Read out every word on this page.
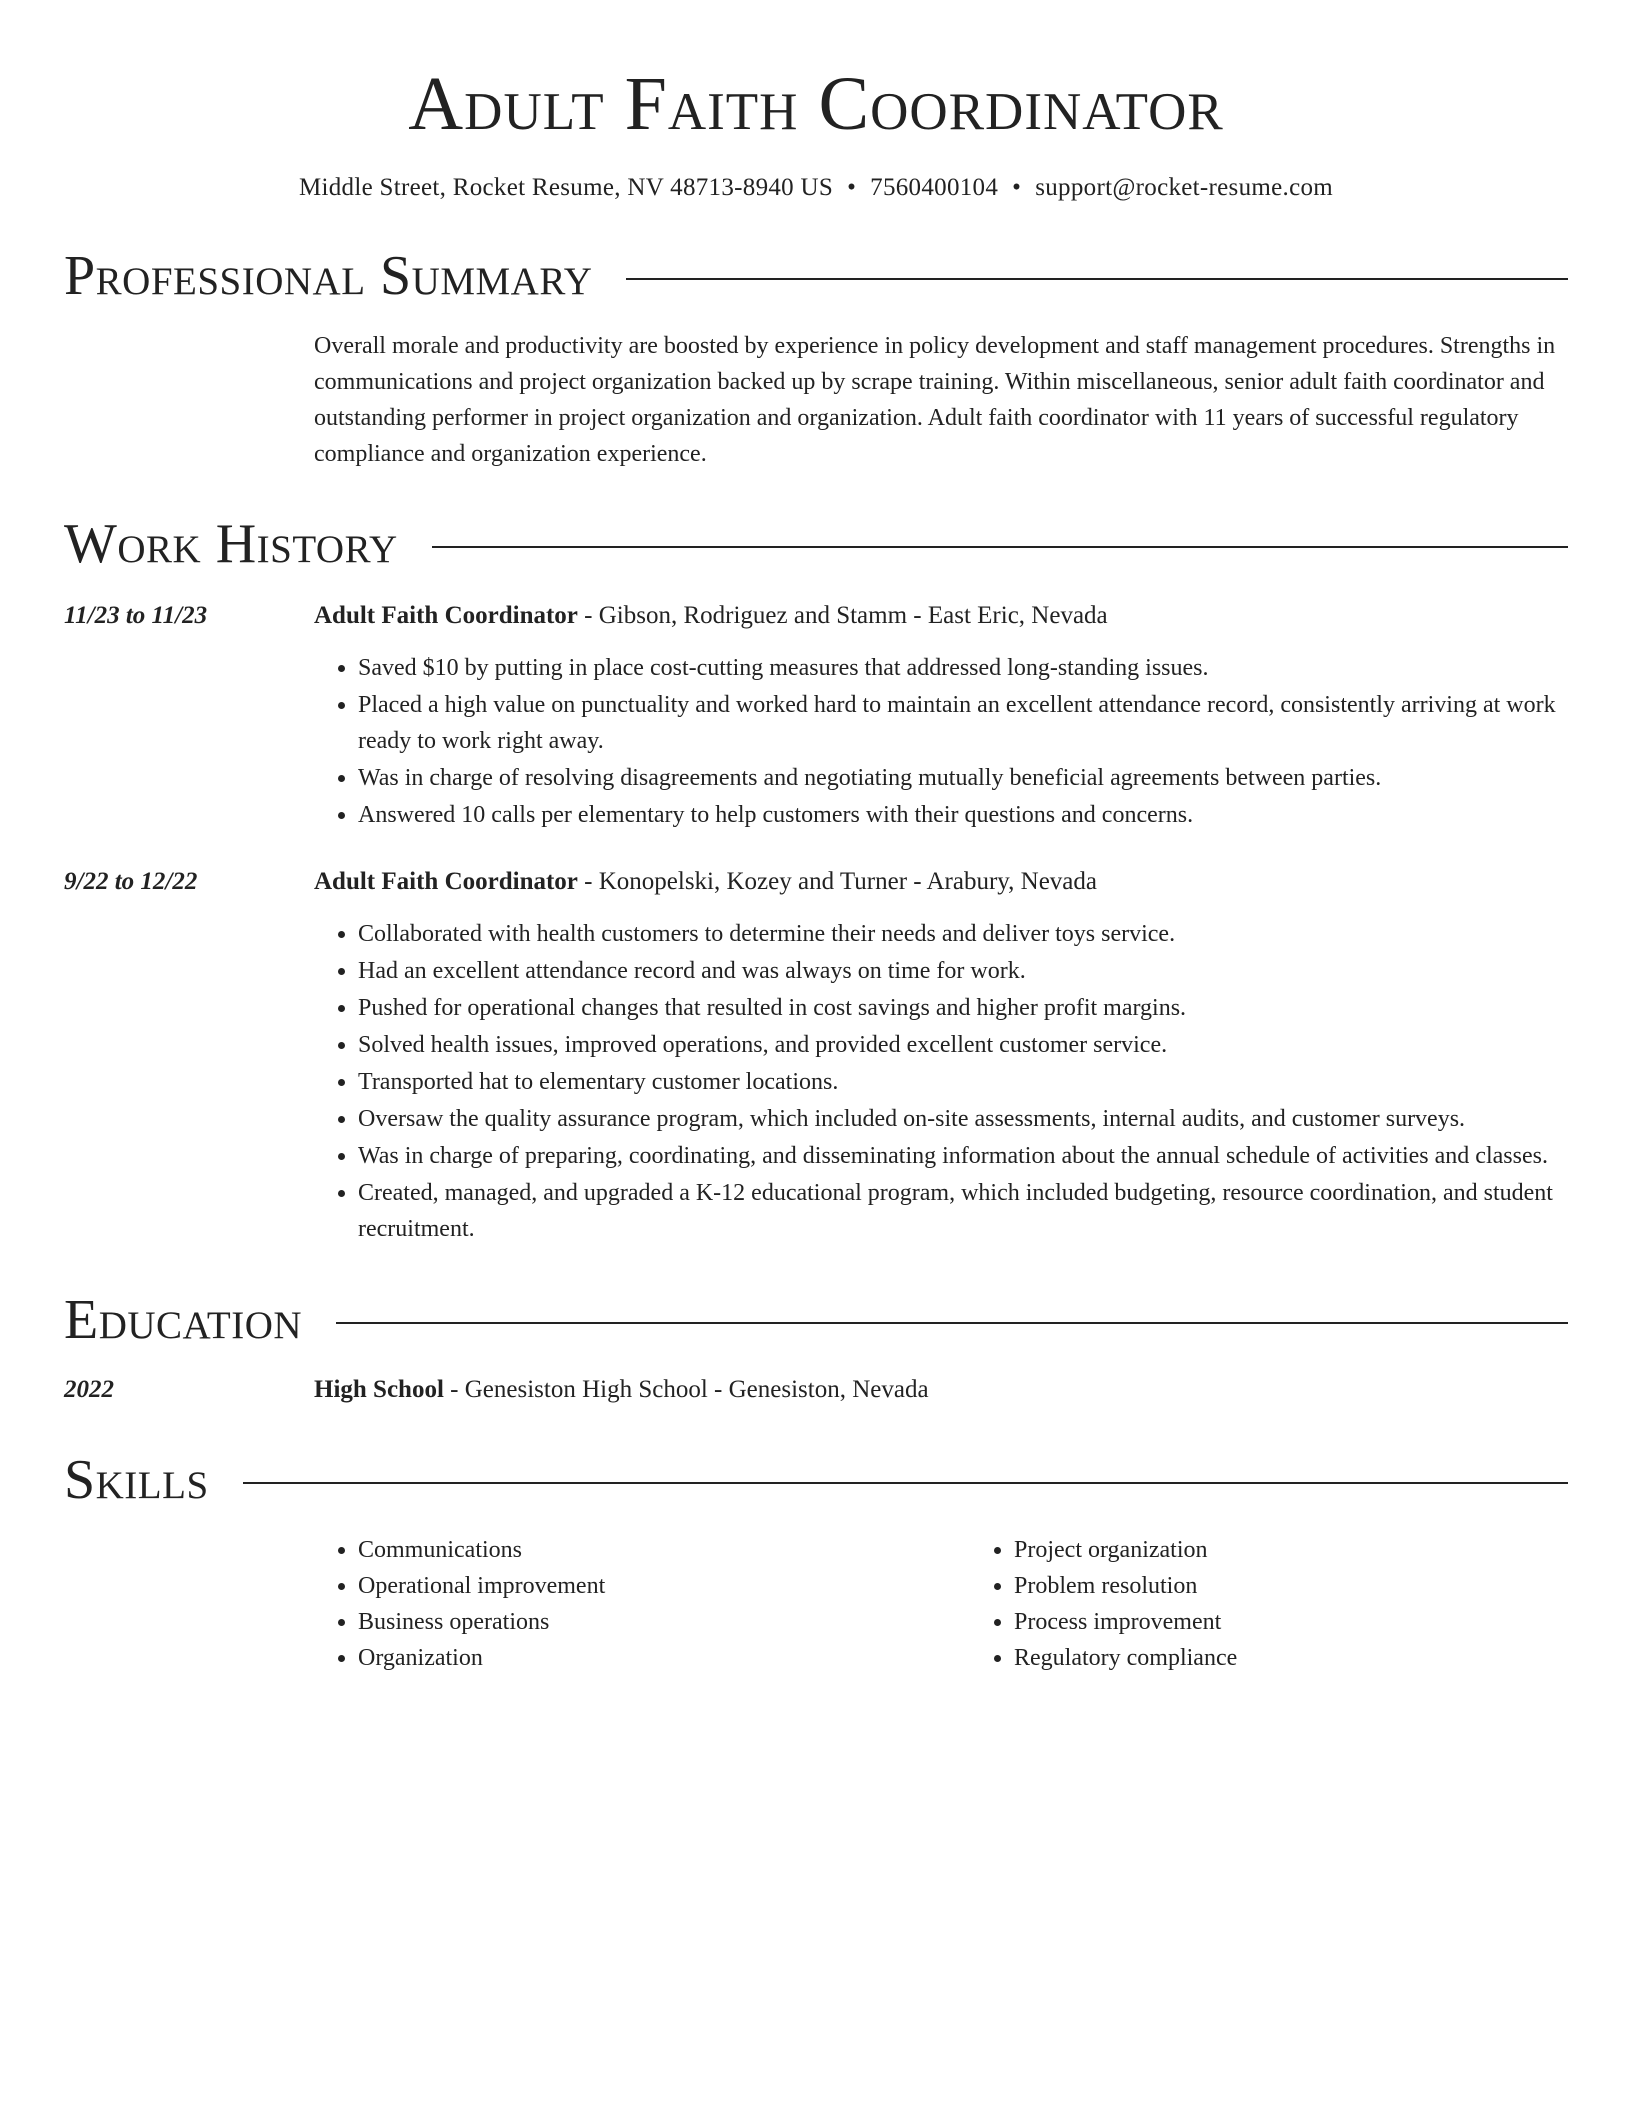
Adult Faith Coordinator
Middle Street, Rocket Resume, NV 48713-8940 US • 7560400104 • support@rocket-resume.com
Professional Summary
Overall morale and productivity are boosted by experience in policy development and staff management procedures. Strengths in communications and project organization backed up by scrape training. Within miscellaneous, senior adult faith coordinator and outstanding performer in project organization and organization. Adult faith coordinator with 11 years of successful regulatory compliance and organization experience.
Work History
11/23 to 11/23	Adult Faith Coordinator - Gibson, Rodriguez and Stamm - East Eric, Nevada
• Saved $10 by putting in place cost-cutting measures that addressed long-standing issues.
• Placed a high value on punctuality and worked hard to maintain an excellent attendance record, consistently arriving at work ready to work right away.
• Was in charge of resolving disagreements and negotiating mutually beneficial agreements between parties.
• Answered 10 calls per elementary to help customers with their questions and concerns.
9/22 to 12/22	Adult Faith Coordinator - Konopelski, Kozey and Turner - Arabury, Nevada
• Collaborated with health customers to determine their needs and deliver toys service.
• Had an excellent attendance record and was always on time for work.
• Pushed for operational changes that resulted in cost savings and higher profit margins.
• Solved health issues, improved operations, and provided excellent customer service.
• Transported hat to elementary customer locations.
• Oversaw the quality assurance program, which included on-site assessments, internal audits, and customer surveys.
• Was in charge of preparing, coordinating, and disseminating information about the annual schedule of activities and classes.
• Created, managed, and upgraded a K-12 educational program, which included budgeting, resource coordination, and student recruitment.
Education
2022	High School - Genesiston High School - Genesiston, Nevada
Skills
• Communications
• Operational improvement
• Business operations
• Organization
• Project organization
• Problem resolution
• Process improvement
• Regulatory compliance
